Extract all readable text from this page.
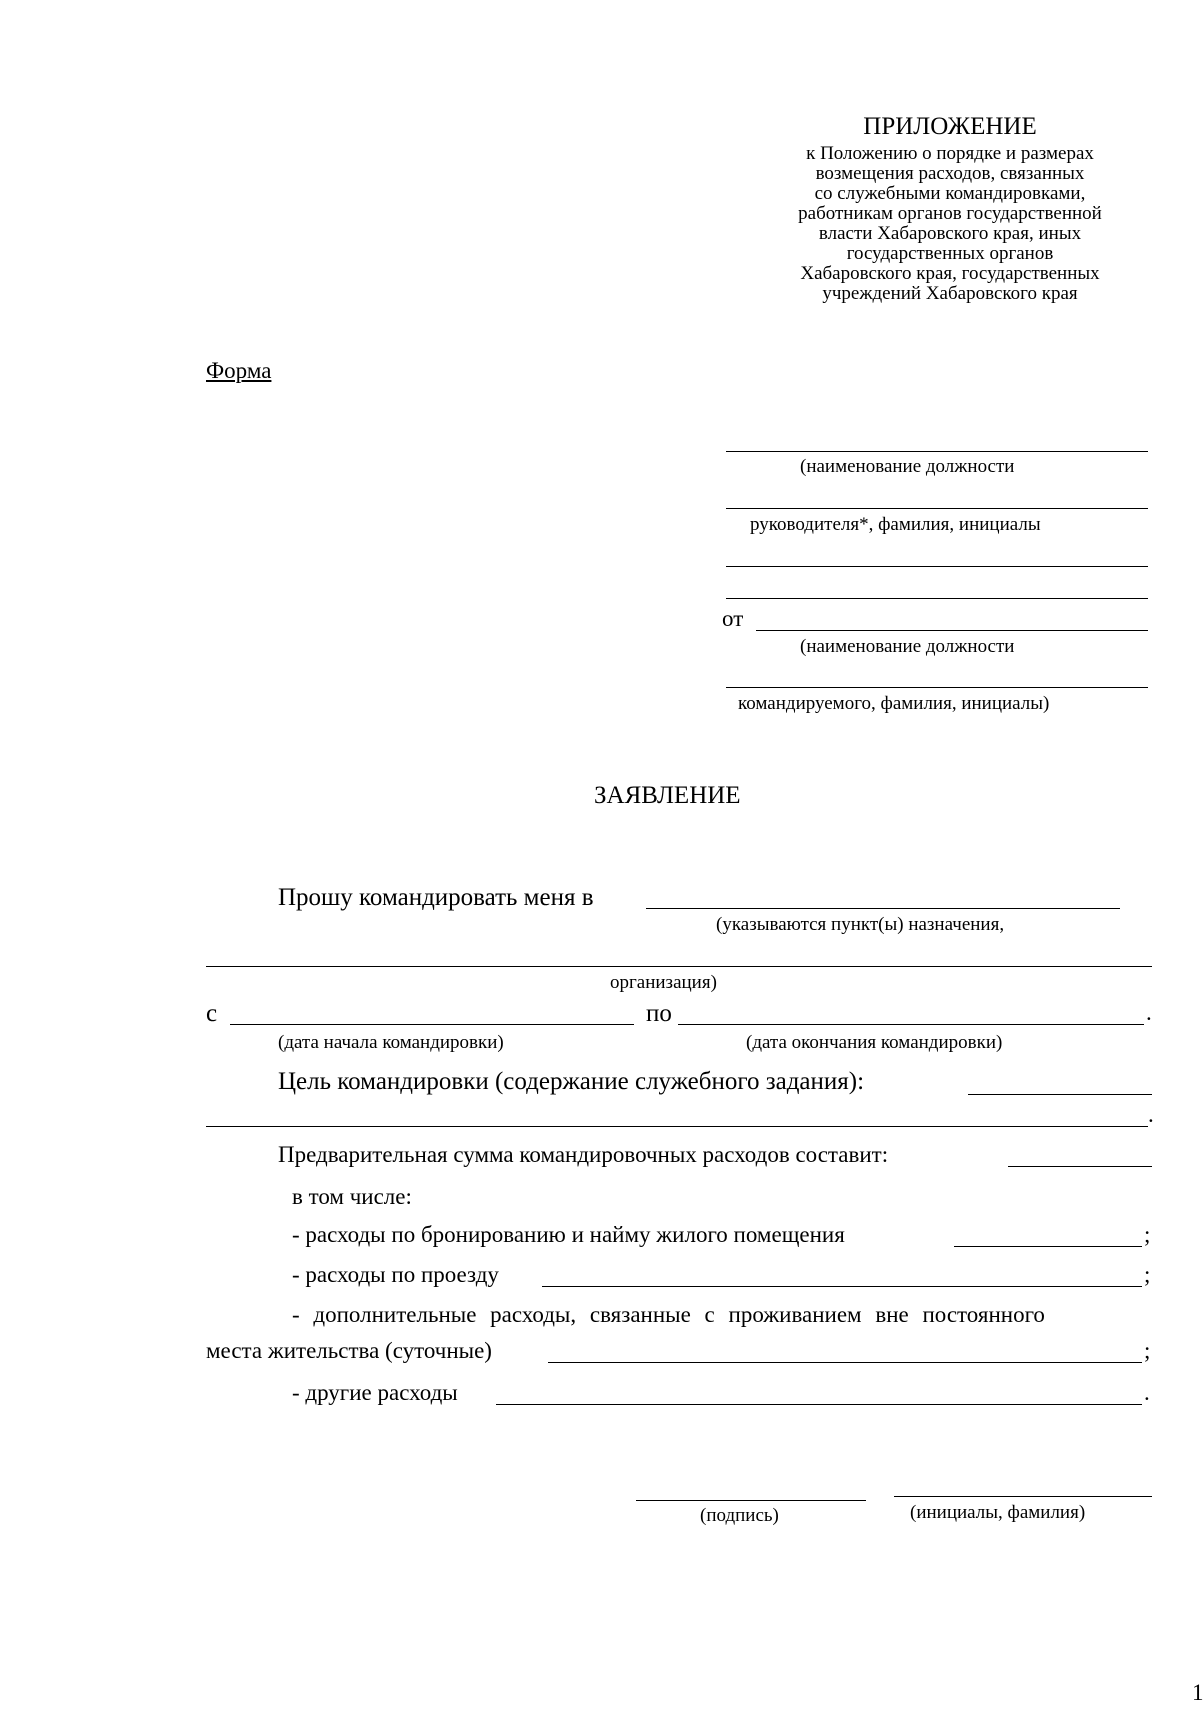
ПРИЛОЖЕНИЕ
к Положению о порядке и размерах
возмещения расходов, связанных
со служебными командировками,
работникам органов государственной
власти Хабаровского края, иных
государственных органов
Хабаровского края, государственных
учреждений Хабаровского края
Форма
(наименование должности
руководителя*, фамилия, инициалы
от
(наименование должности
командируемого, фамилия, инициалы)
ЗАЯВЛЕНИЕ
Прошу командировать меня в
(указываются пункт(ы) назначения,
организация)
с	по	.
(дата начала командировки)	(дата окончания командировки)
Цель командировки (содержание служебного задания):
.
Предварительная сумма командировочных расходов составит:
в том числе:
- расходы по бронированию и найму жилого помещения	;
- расходы по проезду	;
- дополнительные расходы, связанные с проживанием вне постоянного
места жительства (суточные)	;
- другие расходы	.
(подпись)	(инициалы, фамилия)
1
